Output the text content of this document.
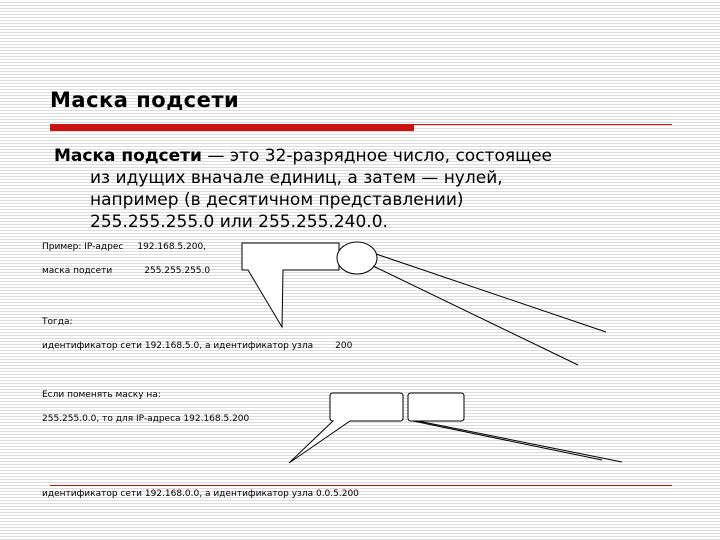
Маска подсети
Маска подсети — это 32-разрядное число, состоящее
из идущих вначале единиц, а затем — нулей,
например (в десятичном представлении)
255.255.255.0 или 255.255.240.0.

Пример: IP-адрес 192.168.5.200,

маска подсети	255.255.255.0

Тогда:

идентификатор сети 192.168.5.0, а идентификатор узла 200

Если поменять маску на:

255.255.0.0, то для IP-адреса 192.168.5.200

идентификатор сети 192.168.0.0, а идентификатор узла 0.0.5.200
